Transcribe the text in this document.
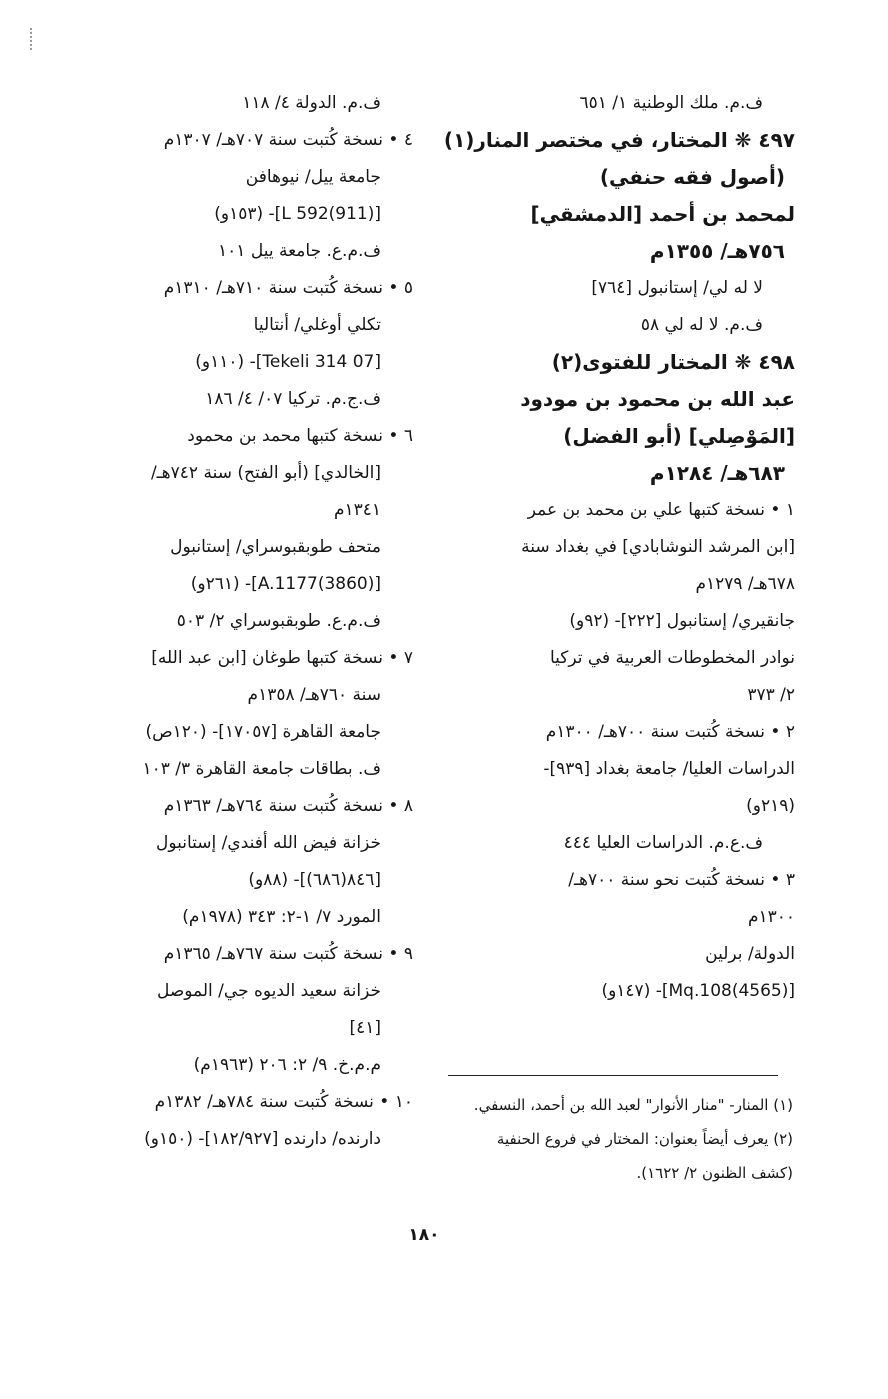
ف.م. ملك الوطنية ١/ ٦٥١
٤٩٧ ❋ المختار، في مختصر المنار(١)
(أصول فقه حنفي)
لمحمد بن أحمد [الدمشقي]
٧٥٦هـ/ ١٣٥٥م
لا له لي/ إستانبول [٧٦٤]
ف.م. لا له لي ٥٨
٤٩٨ ❋ المختار للفتوى(٢)
عبد الله بن محمود بن مودود
[المَوْصِلي] (أبو الفضل)
٦٨٣هـ/ ١٢٨٤م
١ • نسخة كتبها علي بن محمد بن عمر
[ابن المرشد النوشابادي] في بغداد سنة
٦٧٨هـ/ ١٢٧٩م
جانقيري/ إستانبول [٢٢٢]- (٩٢و)
نوادر المخطوطات العربية في تركيا
٢/ ٣٧٣
٢ • نسخة كُتبت سنة ٧٠٠هـ/ ١٣٠٠م
الدراسات العليا/ جامعة بغداد [٩٣٩]-
(٢١٩و)
ف.ع.م. الدراسات العليا ٤٤٤
٣ • نسخة كُتبت نحو سنة ٧٠٠هـ/
١٣٠٠م
الدولة/ برلين
[Mq.108(4565)]- (١٤٧و)
ف.م. الدولة ٤/ ١١٨
٤ • نسخة كُتبت سنة ٧٠٧هـ/ ١٣٠٧م
جامعة ييل/ نيوهافن
[L 592(911)]- (١٥٣و)
ف.م.ع. جامعة ييل ١٠١
٥ • نسخة كُتبت سنة ٧١٠هـ/ ١٣١٠م
تكلي أوغلي/ أنتاليا
[Tekeli 314 07]- (١١٠و)
ف.ج.م. تركيا ٠٧/ ٤/ ١٨٦
٦ • نسخة كتبها محمد بن محمود
[الخالدي] (أبو الفتح) سنة ٧٤٢هـ/
١٣٤١م
متحف طوبقبوسراي/ إستانبول
[A.1177(3860)]- (٢٦١و)
ف.م.ع. طوبقبوسراي ٢/ ٥٠٣
٧ • نسخة كتبها طوغان [ابن عبد الله]
سنة ٧٦٠هـ/ ١٣٥٨م
جامعة القاهرة [١٧٠٥٧]- (١٢٠ص)
ف. بطاقات جامعة القاهرة ٣/ ١٠٣
٨ • نسخة كُتبت سنة ٧٦٤هـ/ ١٣٦٣م
خزانة فيض الله أفندي/ إستانبول
[٨٤٦(٦٨٦)]- (٨٨و)
المورد ٧/ ١-٢: ٣٤٣ (١٩٧٨م)
٩ • نسخة كُتبت سنة ٧٦٧هـ/ ١٣٦٥م
خزانة سعيد الديوه جي/ الموصل
[٤١]
م.م.خ. ٩/ ٢: ٢٠٦ (١٩٦٣م)
١٠ • نسخة كُتبت سنة ٧٨٤هـ/ ١٣٨٢م
دارنده/ دارنده [١٨٢/٩٢٧]- (١٥٠و)
(١) المنار- "منار الأنوار" لعبد الله بن أحمد، النسفي.
(٢) يعرف أيضاً بعنوان: المختار في فروع الحنفية
(كشف الظنون ٢/ ١٦٢٢).
١٨٠
